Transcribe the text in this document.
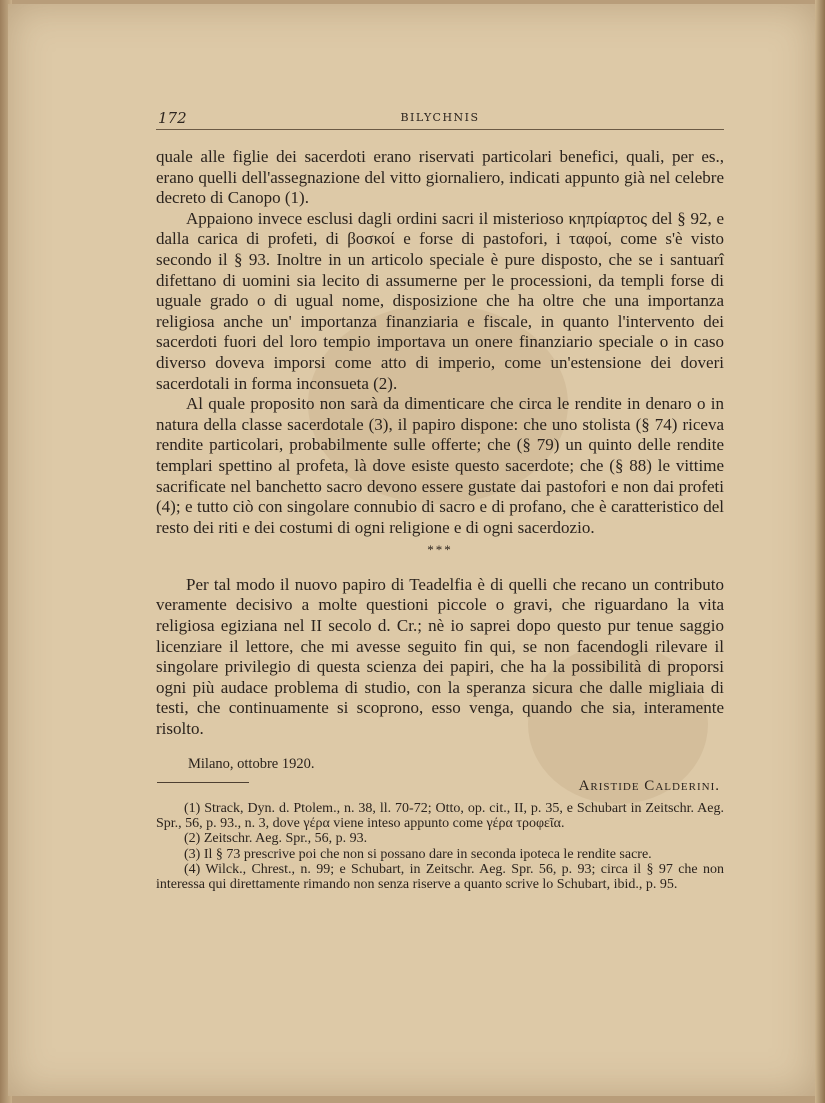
172	BILYCHNIS

quale alle figlie dei sacerdoti erano riservati particolari benefici, quali, per es., erano quelli dell'assegnazione del vitto giornaliero, indicati appunto già nel celebre decreto di Canopo (1).

Appaiono invece esclusi dagli ordini sacri il misterioso κηπρίαρτος del § 92, e dalla carica di profeti, di βοσκοί e forse di pastofori, i ταφοί, come s'è visto secondo il § 93. Inoltre in un articolo speciale è pure disposto, che se i santuarî difettano di uomini sia lecito di assumerne per le processioni, da templi forse di uguale grado o di ugual nome, disposizione che ha oltre che una importanza religiosa anche un' importanza finanziaria e fiscale, in quanto l'intervento dei sacerdoti fuori del loro tempio importava un onere finanziario speciale o in caso diverso doveva imporsi come atto di imperio, come un'estensione dei doveri sacerdotali in forma inconsueta (2).

Al quale proposito non sarà da dimenticare che circa le rendite in denaro o in natura della classe sacerdotale (3), il papiro dispone: che uno stolista (§ 74) riceva rendite particolari, probabilmente sulle offerte; che (§ 79) un quinto delle rendite templari spettino al profeta, là dove esiste questo sacerdote; che (§ 88) le vittime sacrificate nel banchetto sacro devono essere gustate dai pastofori e non dai profeti (4); e tutto ciò con singolare connubio di sacro e di profano, che è caratteristico del resto dei riti e dei costumi di ogni religione e di ogni sacerdozio.

***

Per tal modo il nuovo papiro di Teadelfia è di quelli che recano un contributo veramente decisivo a molte questioni piccole o gravi, che riguardano la vita religiosa egiziana nel II secolo d. Cr.; nè io saprei dopo questo pur tenue saggio licenziare il lettore, che mi avesse seguito fin qui, se non facendogli rilevare il singolare privilegio di questa scienza dei papiri, che ha la possibilità di proporsi ogni più audace problema di studio, con la speranza sicura che dalle migliaia di testi, che continuamente si scoprono, esso venga, quando che sia, interamente risolto.

Milano, ottobre 1920.
Aristide Calderini.

(1) Strack, Dyn. d. Ptolem., n. 38, ll. 70-72; Otto, op. cit., II, p. 35, e Schubart in Zeitschr. Aeg. Spr., 56, p. 93., n. 3, dove γέρα viene inteso appunto come γέρα τροφεῖα.

(2) Zeitschr. Aeg. Spr., 56, p. 93.

(3) Il § 73 prescrive poi che non si possano dare in seconda ipoteca le rendite sacre.

(4) Wilck., Chrest., n. 99; e Schubart, in Zeitschr. Aeg. Spr. 56, p. 93; circa il § 97 che non interessa qui direttamente rimando non senza riserve a quanto scrive lo Schubart, ibid., p. 95.
